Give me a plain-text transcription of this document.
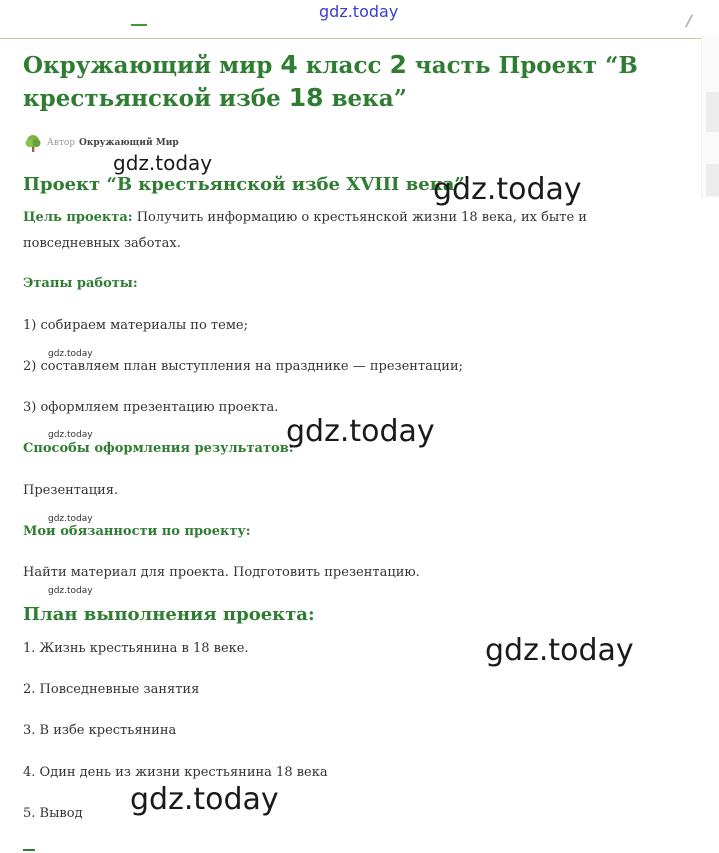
gdz.today
Окружающий мир 4 класс 2 часть Проект “В крестьянской избе 18 века”
Автор Окружающий Мир
Проект “В крестьянской избе XVIII века”
Цель проекта: Получить информацию о крестьянской жизни 18 века, их быте и повседневных заботах.
Этапы работы:
1) собираем материалы по теме;
2) составляем план выступления на празднике — презентации;
3) оформляем презентацию проекта.
Способы оформления результатов:
Презентация.
Мои обязанности по проекту:
Найти материал для проекта. Подготовить презентацию.
План выполнения проекта:
1. Жизнь крестьянина в 18 веке.
2. Повседневные занятия
3. В избе крестьянина
4. Один день из жизни крестьянина 18 века
5. Вывод
gdz.today
gdz.today
gdz.today
gdz.today	gdz.today
gdz.today
gdz.today
gdz.today
gdz.today
